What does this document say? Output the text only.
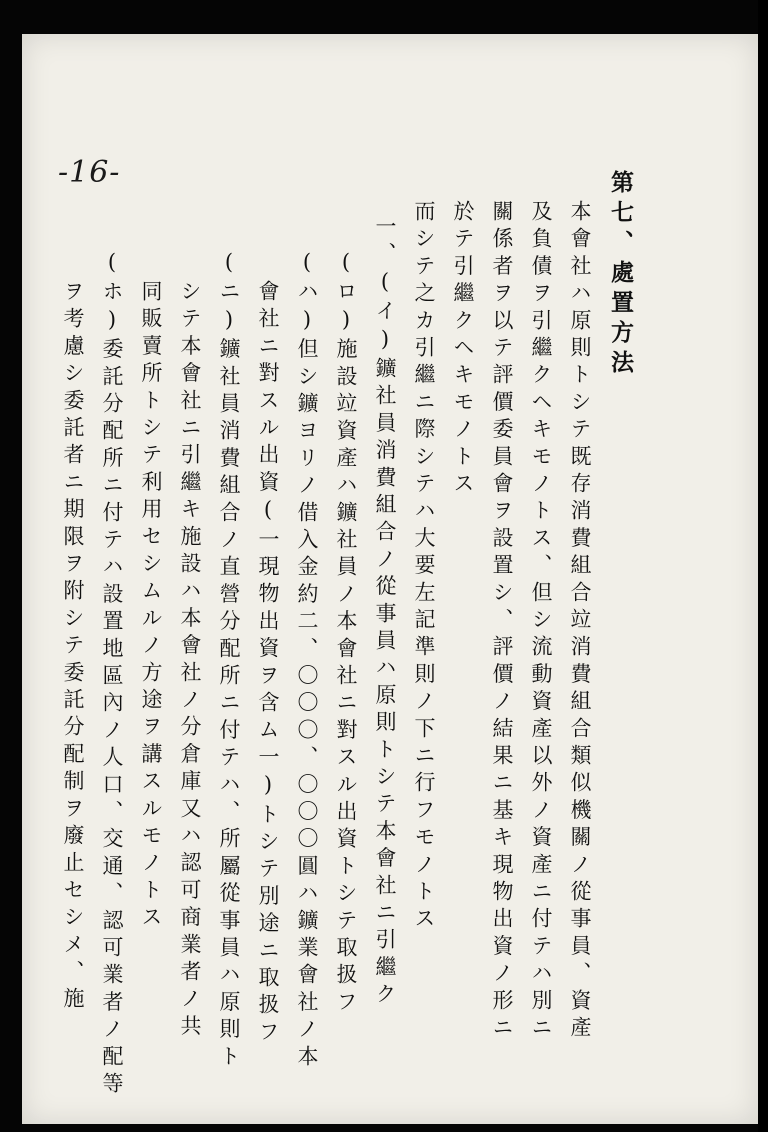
-16-	第七、處置方法
本會社ハ原則トシテ既存消費組合竝消費組合類似機關ノ從事員、資產
及負債ヲ引繼クヘキモノトス、但シ流動資產以外ノ資產ニ付テハ別ニ
關係者ヲ以テ評價委員會ヲ設置シ、評價ノ結果ニ基キ現物出資ノ形ニ
於テ引繼クヘキモノトス
而シテ之カ引繼ニ際シテハ大要左記準則ノ下ニ行フモノトス
一、(イ)鑛社員消費組合ノ從事員ハ原則トシテ本會社ニ引繼ク
(ロ)施設竝資產ハ鑛社員ノ本會社ニ對スル出資トシテ取扱フ
(ハ)但シ鑛ヨリノ借入金約二、〇〇〇、〇〇〇圓ハ鑛業會社ノ本
會社ニ對スル出資(一現物出資ヲ含ム一)トシテ別途ニ取扱フ
(ニ)鑛社員消費組合ノ直營分配所ニ付テハ、所屬從事員ハ原則ト
シテ本會社ニ引繼キ施設ハ本會社ノ分倉庫又ハ認可商業者ノ共
同販賣所トシテ利用セシムルノ方途ヲ講スルモノトス
(ホ)委託分配所ニ付テハ設置地區內ノ人口、交通、認可業者ノ配等
ヲ考慮シ委託者ニ期限ヲ附シテ委託分配制ヲ廢止セシメ、施
